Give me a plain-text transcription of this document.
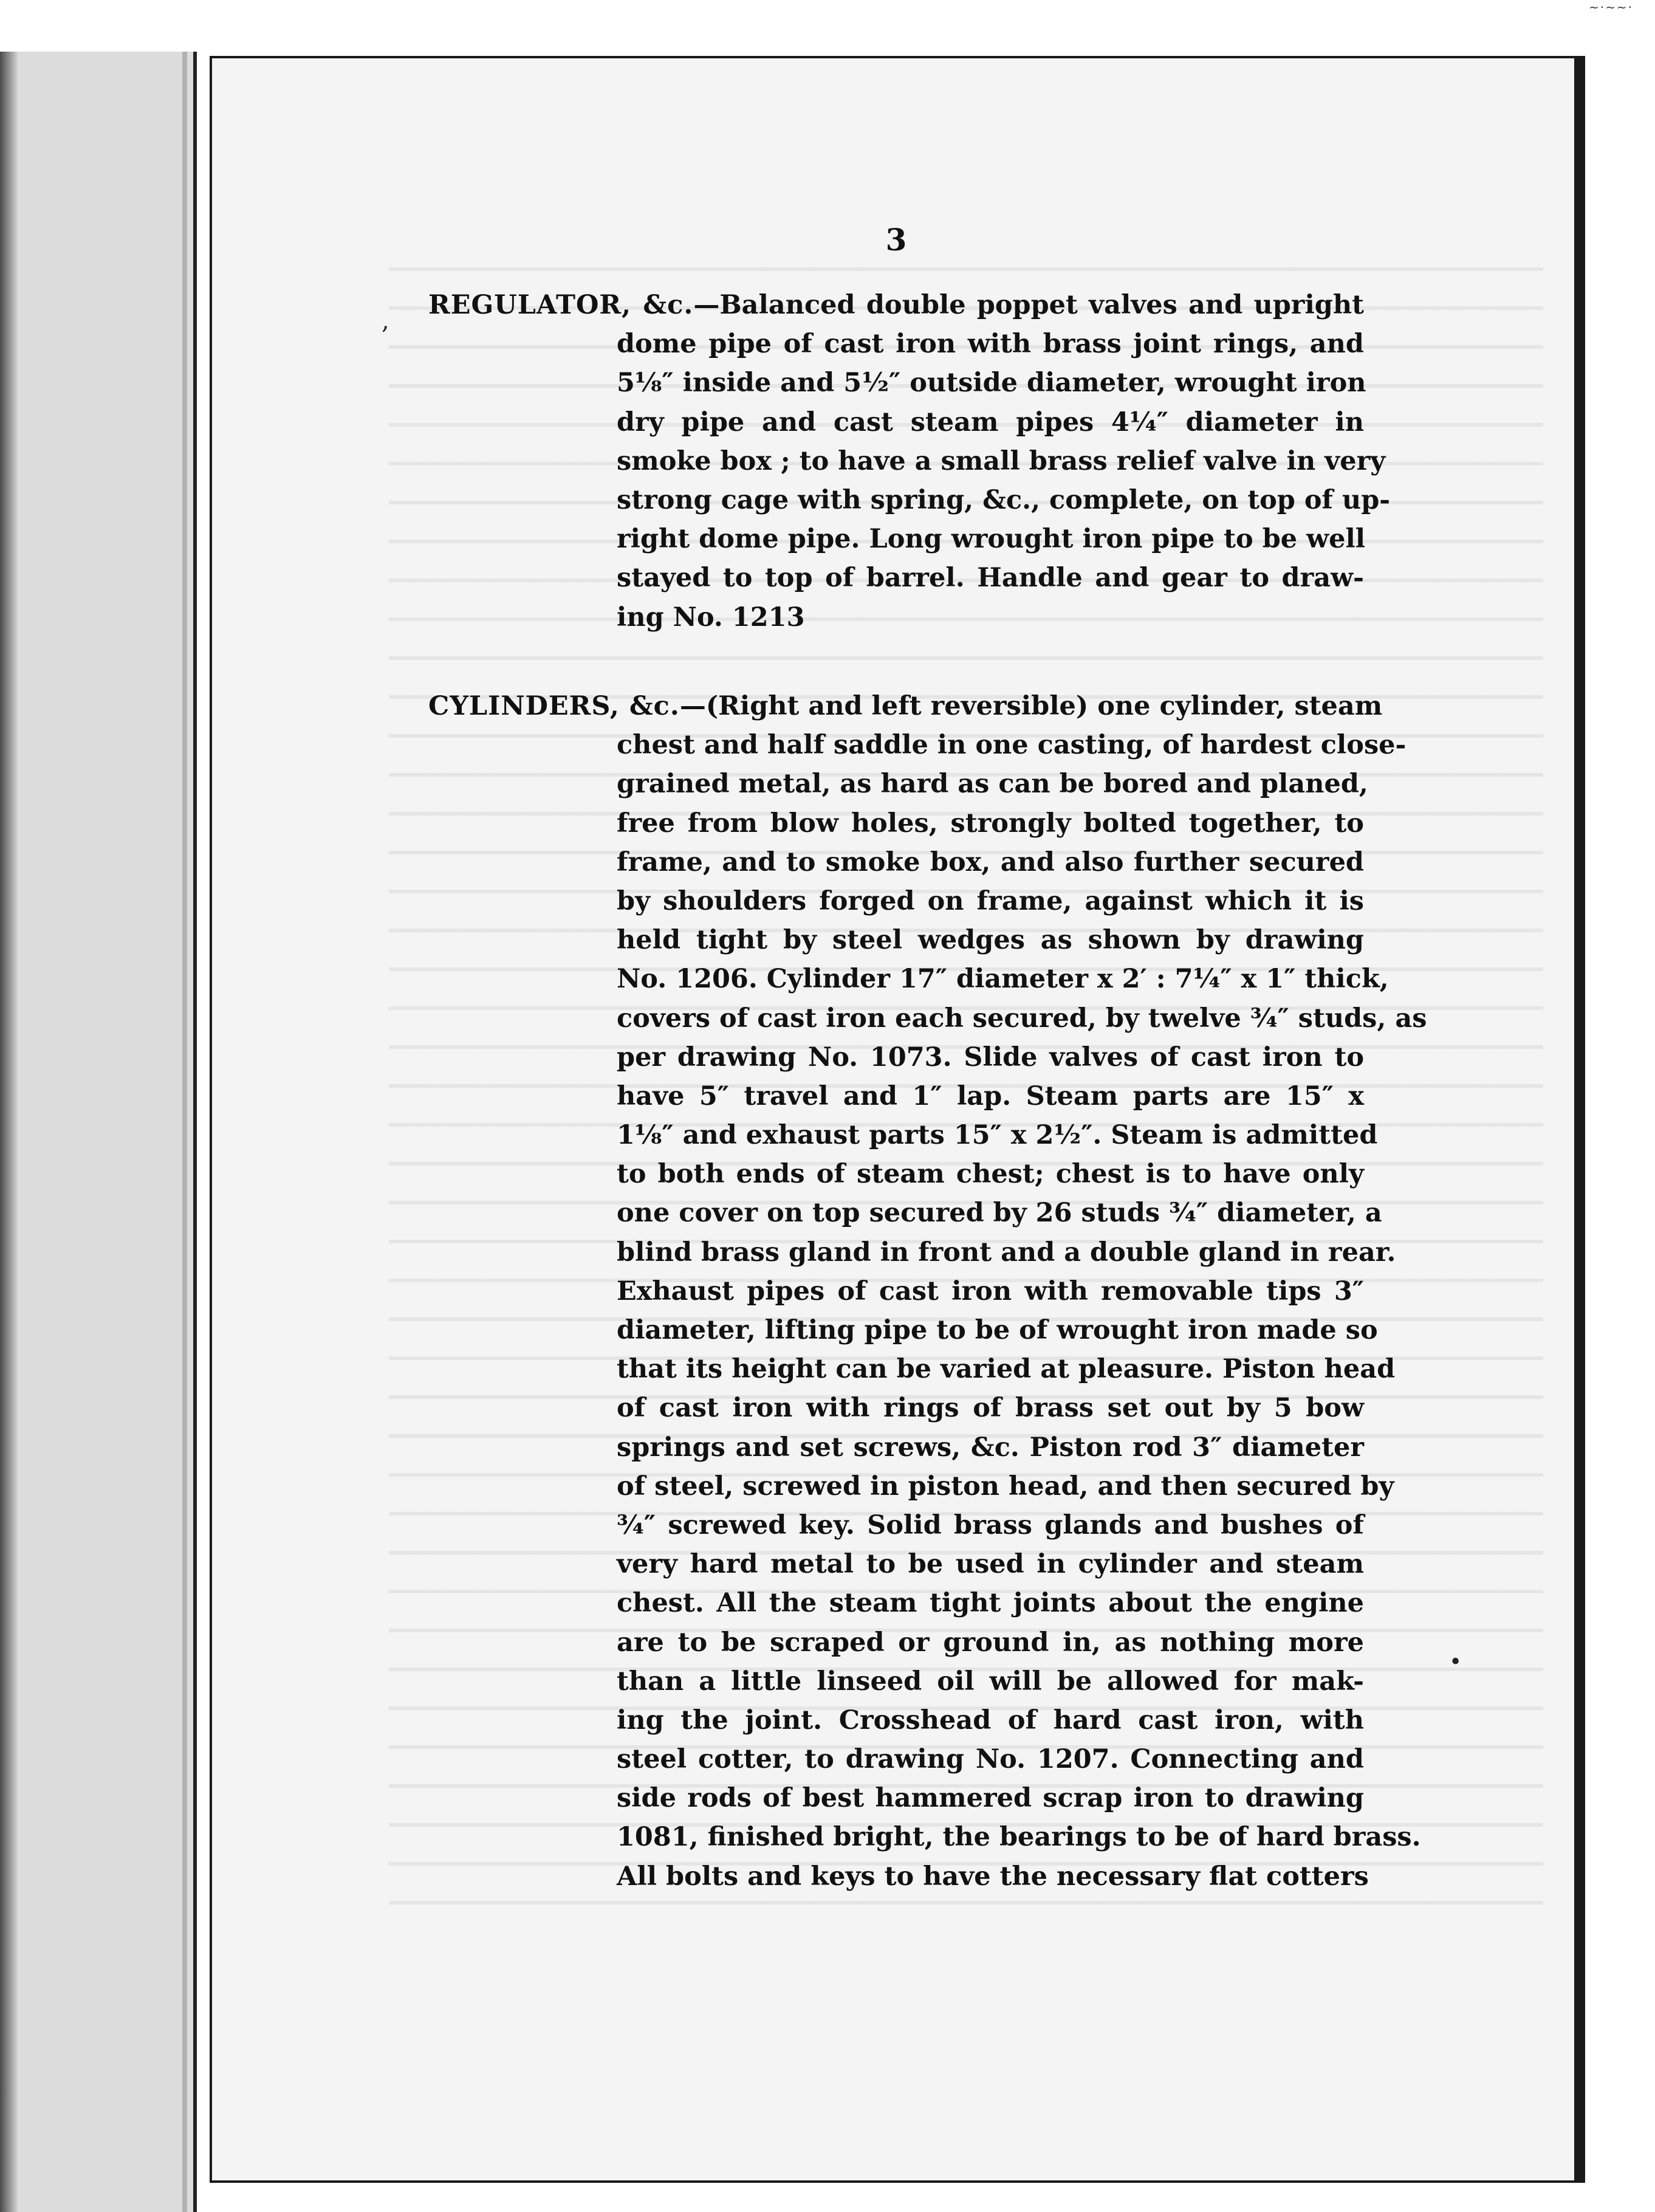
~·~~·
,
•
3
REGULATOR, &c.—Balanced double poppet valves and upright
dome pipe of cast iron with brass joint rings, and
5⅛″ inside and 5½″ outside diameter, wrought iron
dry pipe and cast steam pipes 4¼″ diameter in
smoke box ; to have a small brass relief valve in very
strong cage with spring, &c., complete, on top of up-
right dome pipe. Long wrought iron pipe to be well
stayed to top of barrel. Handle and gear to draw-
ing No. 1213
CYLINDERS, &c.—(Right and left reversible) one cylinder, steam
chest and half saddle in one casting, of hardest close-
grained metal, as hard as can be bored and planed,
free from blow holes, strongly bolted together, to
frame, and to smoke box, and also further secured
by shoulders forged on frame, against which it is
held tight by steel wedges as shown by drawing
No. 1206. Cylinder 17″ diameter x 2′ : 7¼″ x 1″ thick,
covers of cast iron each secured, by twelve ¾″ studs, as
per drawing No. 1073. Slide valves of cast iron to
have 5″ travel and 1″ lap. Steam parts are 15″ x
1⅛″ and exhaust parts 15″ x 2½″. Steam is admitted
to both ends of steam chest; chest is to have only
one cover on top secured by 26 studs ¾″ diameter, a
blind brass gland in front and a double gland in rear.
Exhaust pipes of cast iron with removable tips 3″
diameter, lifting pipe to be of wrought iron made so
that its height can be varied at pleasure. Piston head
of cast iron with rings of brass set out by 5 bow
springs and set screws, &c. Piston rod 3″ diameter
of steel, screwed in piston head, and then secured by
¾″ screwed key. Solid brass glands and bushes of
very hard metal to be used in cylinder and steam
chest. All the steam tight joints about the engine
are to be scraped or ground in, as nothing more
than a little linseed oil will be allowed for mak-
ing the joint. Crosshead of hard cast iron, with
steel cotter, to drawing No. 1207. Connecting and
side rods of best hammered scrap iron to drawing
1081, finished bright, the bearings to be of hard brass.
All bolts and keys to have the necessary flat cotters
